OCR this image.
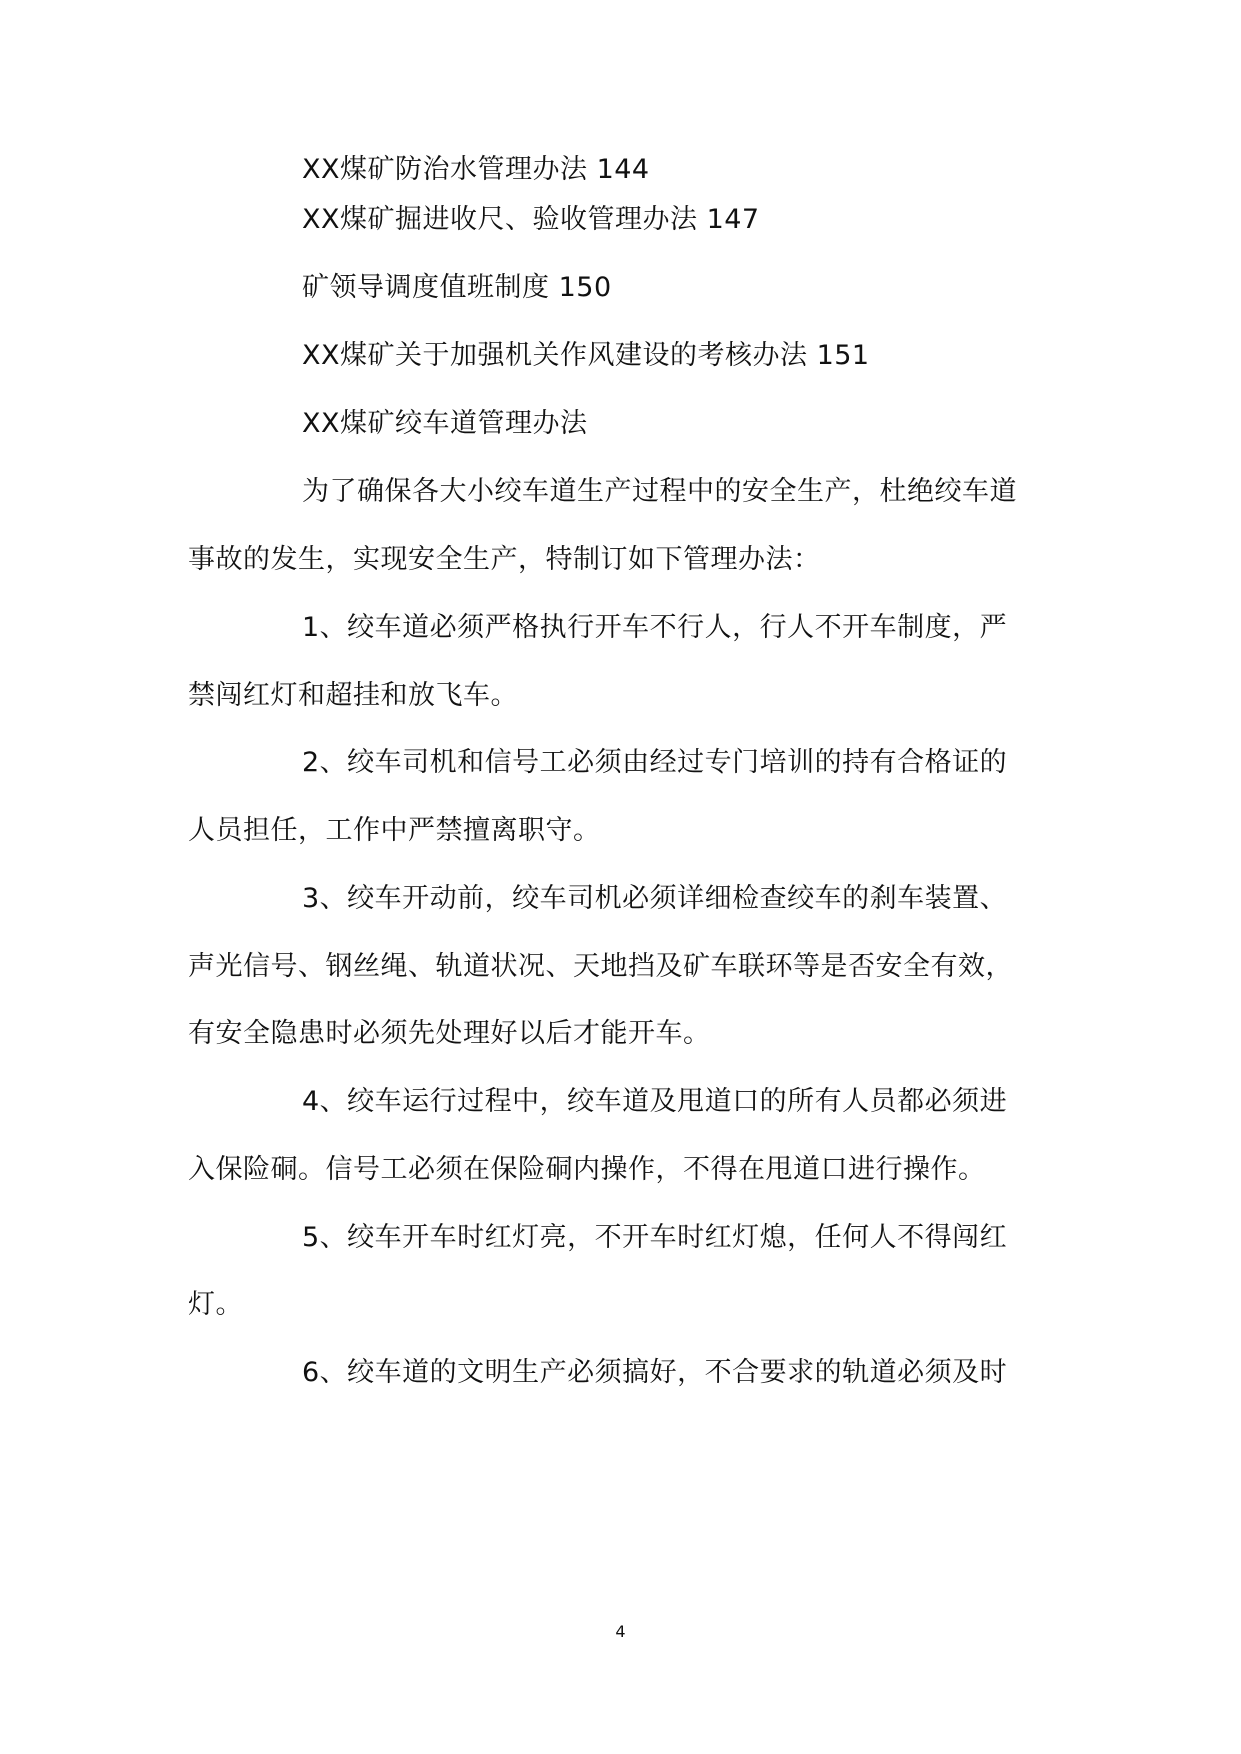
XX煤矿防治水管理办法 144
XX煤矿掘进收尺、验收管理办法 147
矿领导调度值班制度 150
XX煤矿关于加强机关作风建设的考核办法 151
XX煤矿绞车道管理办法
为了确保各大小绞车道生产过程中的安全生产，杜绝绞车道
事故的发生，实现安全生产，特制订如下管理办法：
1、绞车道必须严格执行开车不行人，行人不开车制度，严
禁闯红灯和超挂和放飞车。
2、绞车司机和信号工必须由经过专门培训的持有合格证的
人员担任，工作中严禁擅离职守。
3、绞车开动前，绞车司机必须详细检查绞车的刹车装置、
声光信号、钢丝绳、轨道状况、天地挡及矿车联环等是否安全有效，
有安全隐患时必须先处理好以后才能开车。
4、绞车运行过程中，绞车道及甩道口的所有人员都必须进
入保险硐。信号工必须在保险硐内操作，不得在甩道口进行操作。
5、绞车开车时红灯亮，不开车时红灯熄，任何人不得闯红
灯。
6、绞车道的文明生产必须搞好，不合要求的轨道必须及时
4
